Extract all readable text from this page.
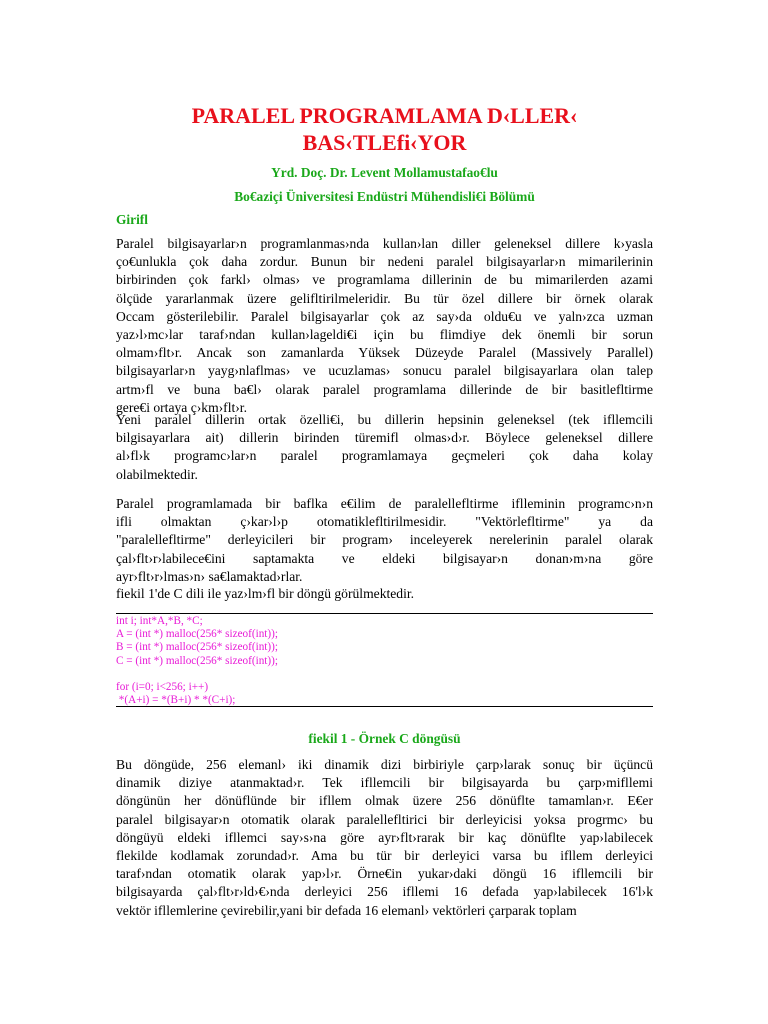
PARALEL PROGRAMLAMA D‹LLER‹
BAS‹TLEfi‹YOR

Yrd. Doç. Dr. Levent Mollamustafao€lu

Bo€aziçi Üniversitesi Endüstri Mühendisli€i Bölümü

Girifl

Paralel bilgisayarlar›n programlanmas›nda kullan›lan diller geleneksel dillere k›yasla
ço€unlukla çok daha zordur. Bunun bir nedeni paralel bilgisayarlar›n mimarilerinin
birbirinden çok farkl› olmas› ve programlama dillerinin de bu mimarilerden azami
ölçüde yararlanmak üzere gelifltirilmeleridir. Bu tür özel dillere bir örnek olarak
Occam gösterilebilir. Paralel bilgisayarlar çok az say›da oldu€u ve yaln›zca uzman
yaz›l›mc›lar taraf›ndan kullan›lageldi€i için bu flimdiye dek önemli bir sorun
olmam›flt›r. Ancak son zamanlarda Yüksek Düzeyde Paralel (Massively Parallel)
bilgisayarlar›n yayg›nlaflmas› ve ucuzlamas› sonucu paralel bilgisayarlara olan talep
artm›fl ve buna ba€l› olarak paralel programlama dillerinde de bir basitlefltirme
gere€i ortaya ç›km›flt›r.
Yeni paralel dillerin ortak özelli€i, bu dillerin hepsinin geleneksel (tek ifllemcili
bilgisayarlara ait) dillerin birinden türemifl olmas›d›r. Böylece geleneksel dillere
al›fl›k programc›lar›n paralel programlamaya geçmeleri çok daha kolay
olabilmektedir.
Paralel programlamada bir baflka e€ilim de paralellefltirme iflleminin programc›n›n
ifli olmaktan ç›kar›l›p otomatiklefltirilmesidir. "Vektörlefltirme" ya da
"paralellefltirme" derleyicileri bir program› inceleyerek nerelerinin paralel olarak
çal›flt›r›labilece€ini saptamakta ve eldeki bilgisayar›n donan›m›na göre
ayr›flt›r›lmas›n› sa€lamaktad›rlar.
fiekil 1'de C dili ile yaz›lm›fl bir döngü görülmektedir.
int i; int*A,*B, *C;
A = (int *) malloc(256* sizeof(int));
B = (int *) malloc(256* sizeof(int));
C = (int *) malloc(256* sizeof(int));
for (i=0; i<256; i++)
*(A+i) = *(B+i) * *(C+i);

fiekil 1 - Örnek C döngüsü

Bu döngüde, 256 elemanl› iki dinamik dizi birbiriyle çarp›larak sonuç bir üçüncü
dinamik diziye atanmaktad›r. Tek ifllemcili bir bilgisayarda bu çarp›mifllemi
döngünün her dönüflünde bir ifllem olmak üzere 256 dönüflte tamamlan›r. E€er
paralel bilgisayar›n otomatik olarak paralellefltirici bir derleyicisi yoksa progrmc› bu
döngüyü eldeki ifllemci say›s›na göre ayr›flt›rarak bir kaç dönüflte yap›labilecek
flekilde kodlamak zorundad›r. Ama bu tür bir derleyici varsa bu ifllem derleyici
taraf›ndan otomatik olarak yap›l›r. Örne€in yukar›daki döngü 16 ifllemcili bir
bilgisayarda çal›flt›r›ld›€›nda derleyici 256 ifllemi 16 defada yap›labilecek 16'l›k
vektör ifllemlerine çevirebilir,yani bir defada 16 elemanl› vektörleri çarparak toplam
